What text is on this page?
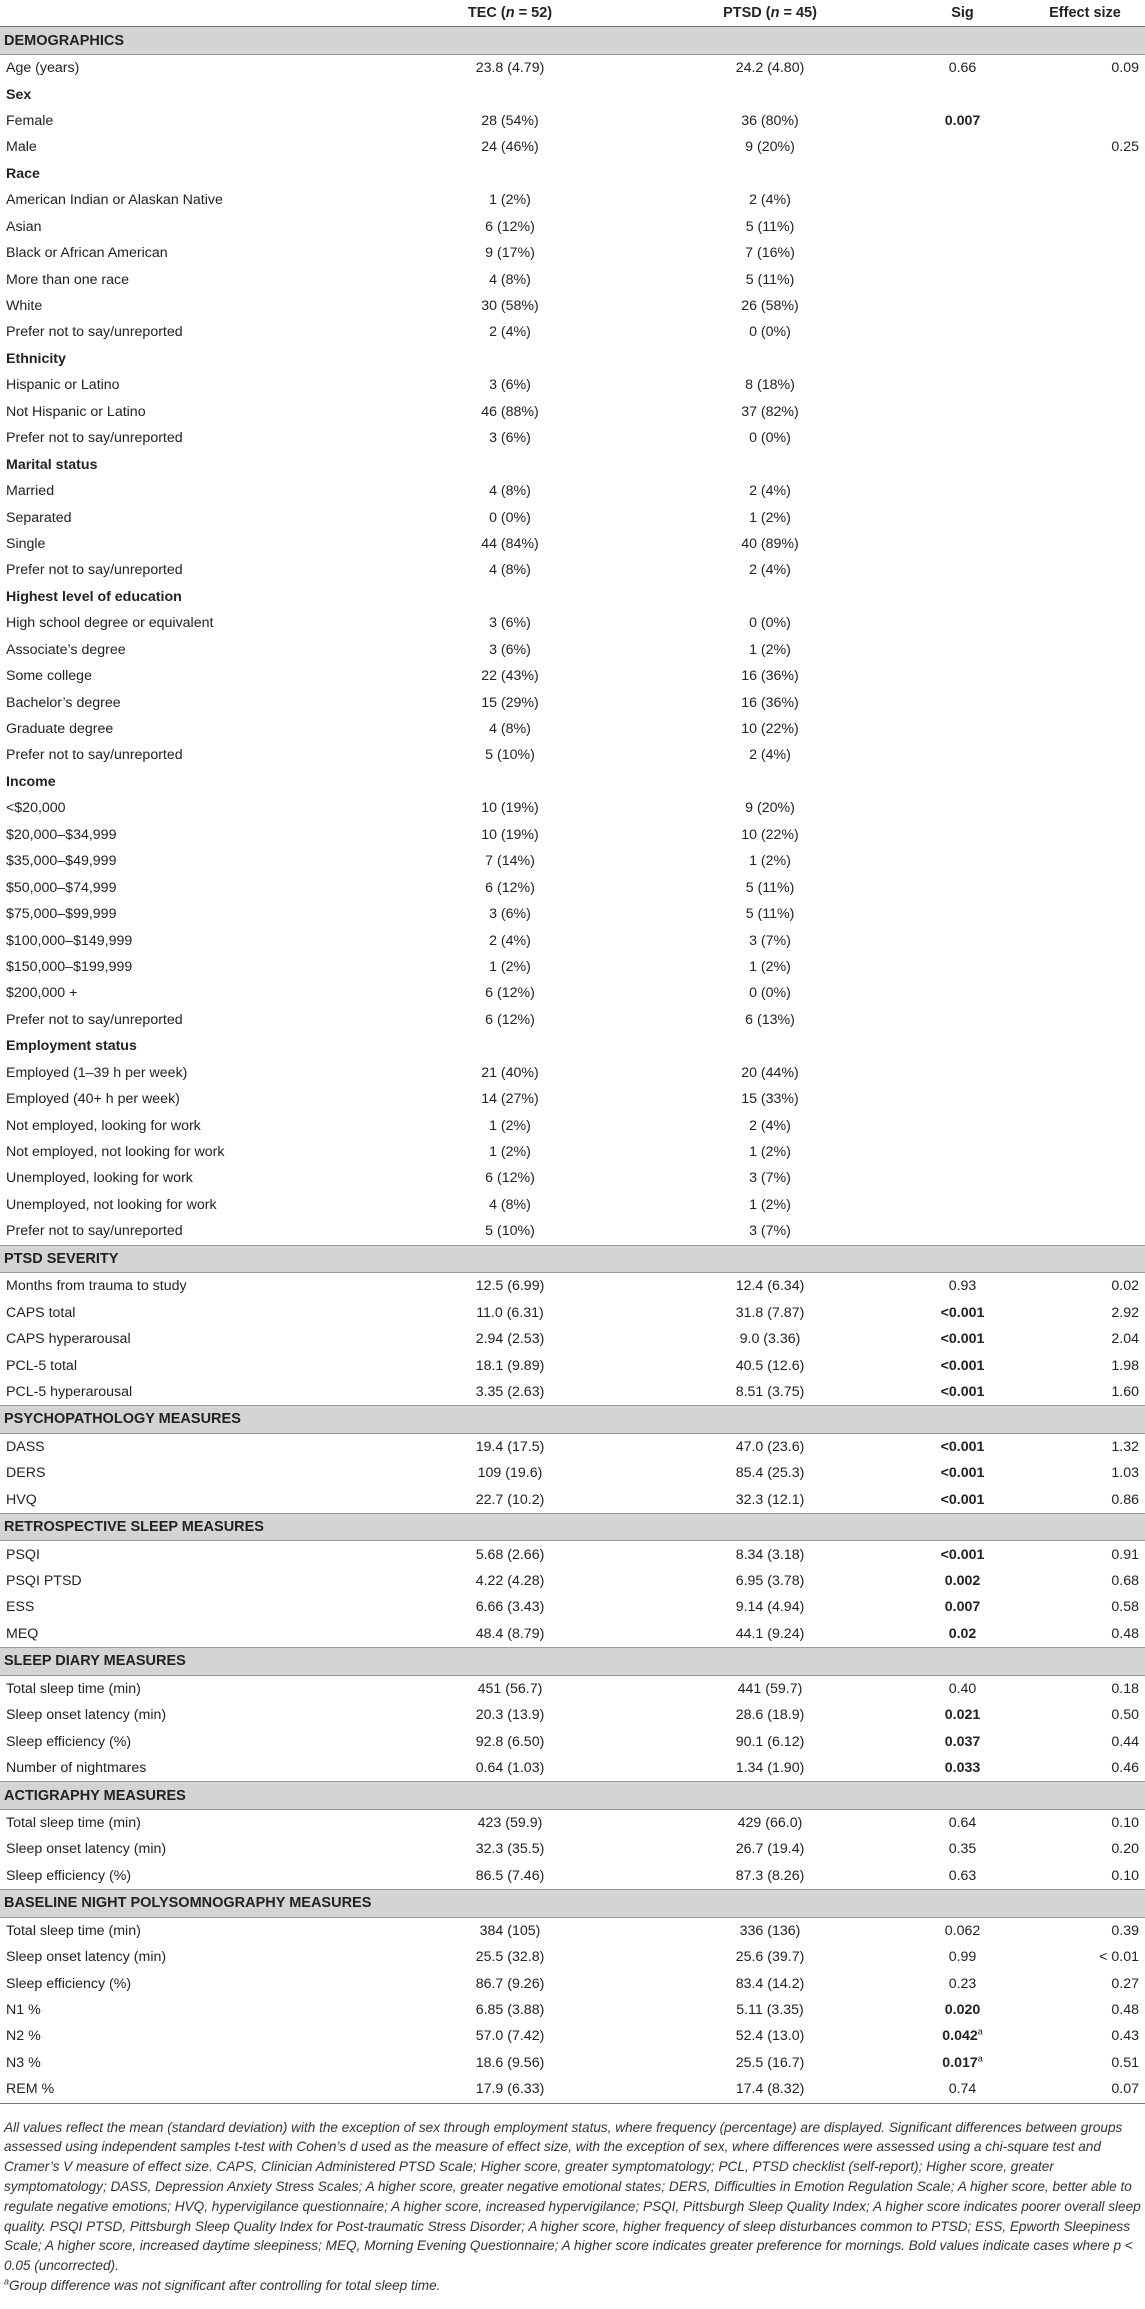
	TEC (n = 52)	PTSD (n = 45)	Sig	Effect size
DEMOGRAPHICS				
Age (years)	23.8 (4.79)	24.2 (4.80)	0.66	0.09
Sex				
Female	28 (54%)	36 (80%)	0.007	
Male	24 (46%)	9 (20%)		0.25
Race				
American Indian or Alaskan Native	1 (2%)	2 (4%)		
Asian	6 (12%)	5 (11%)		
Black or African American	9 (17%)	7 (16%)		
More than one race	4 (8%)	5 (11%)		
White	30 (58%)	26 (58%)		
Prefer not to say/unreported	2 (4%)	0 (0%)		
Ethnicity				
Hispanic or Latino	3 (6%)	8 (18%)		
Not Hispanic or Latino	46 (88%)	37 (82%)		
Prefer not to say/unreported	3 (6%)	0 (0%)		
Marital status				
Married	4 (8%)	2 (4%)		
Separated	0 (0%)	1 (2%)		
Single	44 (84%)	40 (89%)		
Prefer not to say/unreported	4 (8%)	2 (4%)		
Highest level of education				
High school degree or equivalent	3 (6%)	0 (0%)		
Associate’s degree	3 (6%)	1 (2%)		
Some college	22 (43%)	16 (36%)		
Bachelor’s degree	15 (29%)	16 (36%)		
Graduate degree	4 (8%)	10 (22%)		
Prefer not to say/unreported	5 (10%)	2 (4%)		
Income				
<$20,000	10 (19%)	9 (20%)		
$20,000–$34,999	10 (19%)	10 (22%)		
$35,000–$49,999	7 (14%)	1 (2%)		
$50,000–$74,999	6 (12%)	5 (11%)		
$75,000–$99,999	3 (6%)	5 (11%)		
$100,000–$149,999	2 (4%)	3 (7%)		
$150,000–$199,999	1 (2%)	1 (2%)		
$200,000 +	6 (12%)	0 (0%)		
Prefer not to say/unreported	6 (12%)	6 (13%)		
Employment status				
Employed (1–39 h per week)	21 (40%)	20 (44%)		
Employed (40+ h per week)	14 (27%)	15 (33%)		
Not employed, looking for work	1 (2%)	2 (4%)		
Not employed, not looking for work	1 (2%)	1 (2%)		
Unemployed, looking for work	6 (12%)	3 (7%)		
Unemployed, not looking for work	4 (8%)	1 (2%)		
Prefer not to say/unreported	5 (10%)	3 (7%)		
PTSD SEVERITY				
Months from trauma to study	12.5 (6.99)	12.4 (6.34)	0.93	0.02
CAPS total	11.0 (6.31)	31.8 (7.87)	<0.001	2.92
CAPS hyperarousal	2.94 (2.53)	9.0 (3.36)	<0.001	2.04
PCL-5 total	18.1 (9.89)	40.5 (12.6)	<0.001	1.98
PCL-5 hyperarousal	3.35 (2.63)	8.51 (3.75)	<0.001	1.60
PSYCHOPATHOLOGY MEASURES				
DASS	19.4 (17.5)	47.0 (23.6)	<0.001	1.32
DERS	109 (19.6)	85.4 (25.3)	<0.001	1.03
HVQ	22.7 (10.2)	32.3 (12.1)	<0.001	0.86
RETROSPECTIVE SLEEP MEASURES				
PSQI	5.68 (2.66)	8.34 (3.18)	<0.001	0.91
PSQI PTSD	4.22 (4.28)	6.95 (3.78)	0.002	0.68
ESS	6.66 (3.43)	9.14 (4.94)	0.007	0.58
MEQ	48.4 (8.79)	44.1 (9.24)	0.02	0.48
SLEEP DIARY MEASURES				
Total sleep time (min)	451 (56.7)	441 (59.7)	0.40	0.18
Sleep onset latency (min)	20.3 (13.9)	28.6 (18.9)	0.021	0.50
Sleep efficiency (%)	92.8 (6.50)	90.1 (6.12)	0.037	0.44
Number of nightmares	0.64 (1.03)	1.34 (1.90)	0.033	0.46
ACTIGRAPHY MEASURES				
Total sleep time (min)	423 (59.9)	429 (66.0)	0.64	0.10
Sleep onset latency (min)	32.3 (35.5)	26.7 (19.4)	0.35	0.20
Sleep efficiency (%)	86.5 (7.46)	87.3 (8.26)	0.63	0.10
BASELINE NIGHT POLYSOMNOGRAPHY MEASURES				
Total sleep time (min)	384 (105)	336 (136)	0.062	0.39
Sleep onset latency (min)	25.5 (32.8)	25.6 (39.7)	0.99	< 0.01
Sleep efficiency (%)	86.7 (9.26)	83.4 (14.2)	0.23	0.27
N1 %	6.85 (3.88)	5.11 (3.35)	0.020	0.48
N2 %	57.0 (7.42)	52.4 (13.0)	0.042$^a$	0.43
N3 %	18.6 (9.56)	25.5 (16.7)	0.017$^a$	0.51
REM %	17.9 (6.33)	17.4 (8.32)	0.74	0.07
All values reflect the mean (standard deviation) with the exception of sex through employment status, where frequency (percentage) are displayed. Significant differences between groups assessed using independent samples t-test with Cohen’s d used as the measure of effect size, with the exception of sex, where differences were assessed using a chi-square test and Cramer’s V measure of effect size. CAPS, Clinician Administered PTSD Scale; Higher score, greater symptomatology; PCL, PTSD checklist (self-report); Higher score, greater symptomatology; DASS, Depression Anxiety Stress Scales; A higher score, greater negative emotional states; DERS, Difficulties in Emotion Regulation Scale; A higher score, better able to regulate negative emotions; HVQ, hypervigilance questionnaire; A higher score, increased hypervigilance; PSQI, Pittsburgh Sleep Quality Index; A higher score indicates poorer overall sleep quality. PSQI PTSD, Pittsburgh Sleep Quality Index for Post-traumatic Stress Disorder; A higher score, higher frequency of sleep disturbances common to PTSD; ESS, Epworth Sleepiness Scale; A higher score, increased daytime sleepiness; MEQ, Morning Evening Questionnaire; A higher score indicates greater preference for mornings. Bold values indicate cases where p < 0.05 (uncorrected).
$^a$Group difference was not significant after controlling for total sleep time.
